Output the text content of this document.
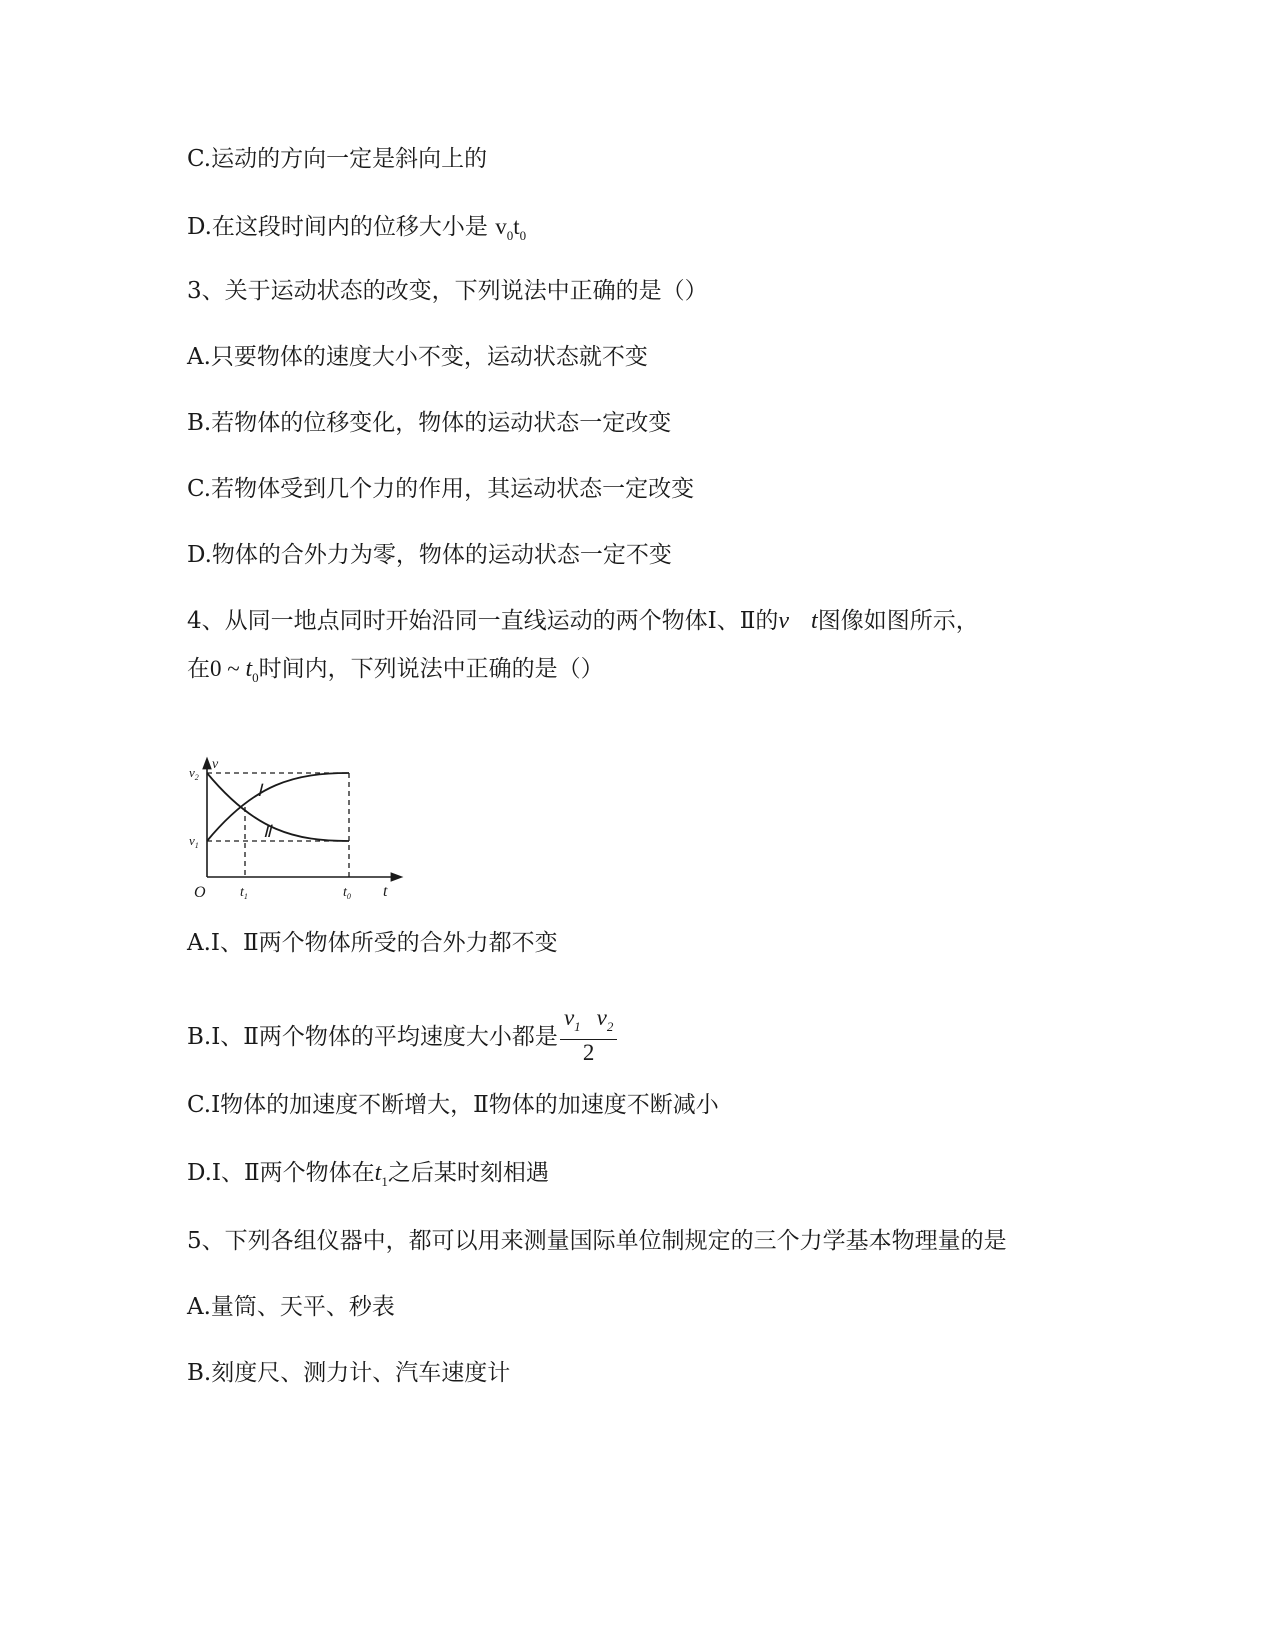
C.运动的方向一定是斜向上的
D.在这段时间内的位移大小是 $v_0t_0$
3、关于运动状态的改变，下列说法中正确的是（）
A.只要物体的速度大小不变，运动状态就不变
B.若物体的位移变化，物体的运动状态一定改变
C.若物体受到几个力的作用，其运动状态一定改变
D.物体的合外力为零，物体的运动状态一定不变
4、从同一地点同时开始沿同一直线运动的两个物体Ⅰ、Ⅱ的v t图像如图所示，
在0 ~ $t_0$时间内，下列说法中正确的是（）
v
t
O
$v_2$
$v_1$
$t_1$	$t_0$
Ⅰ
Ⅱ
A.Ⅰ、Ⅱ两个物体所受的合外力都不变
B.Ⅰ、Ⅱ两个物体的平均速度大小都是 $\frac{v_1 v_2}{2}$
C.Ⅰ物体的加速度不断增大，Ⅱ物体的加速度不断减小
D.Ⅰ、Ⅱ两个物体在$t_1$之后某时刻相遇
5、下列各组仪器中，都可以用来测量国际单位制规定的三个力学基本物理量的是
A.量筒、天平、秒表
B.刻度尺、测力计、汽车速度计
